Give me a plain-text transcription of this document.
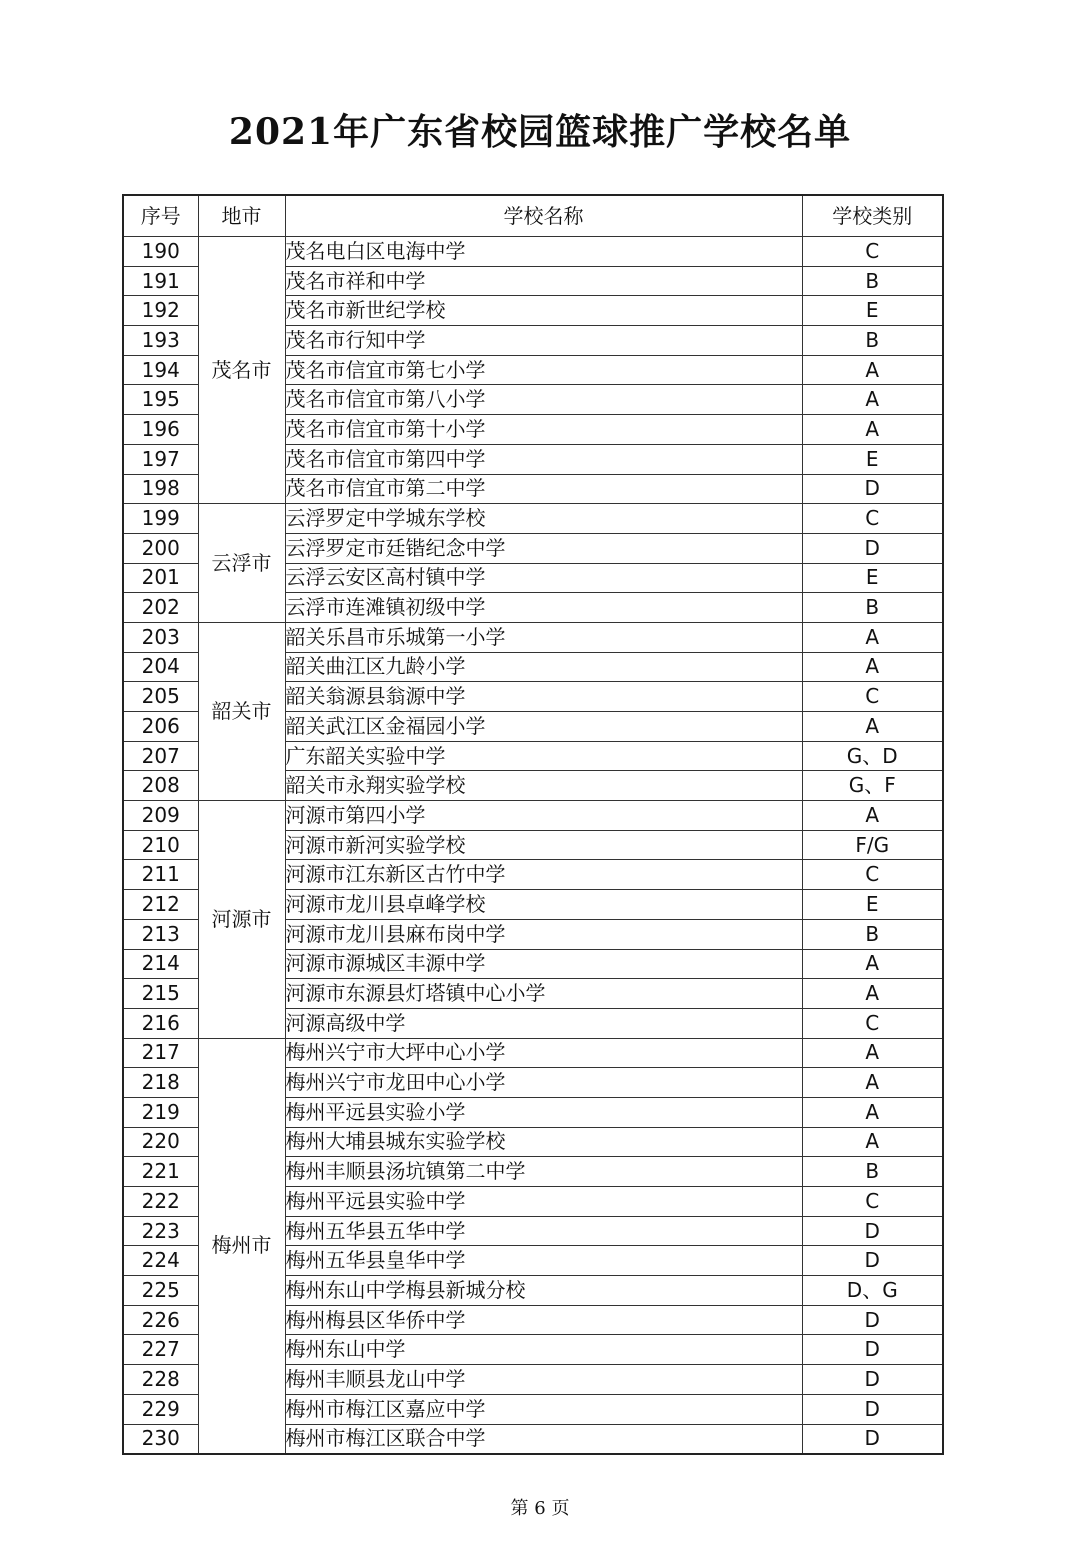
2021年广东省校园篮球推广学校名单
序号	地市	学校名称	学校类别
190	茂名市	茂名电白区电海中学	C
191		茂名市祥和中学	B
192		茂名市新世纪学校	E
193		茂名市行知中学	B
194		茂名市信宜市第七小学	A
195		茂名市信宜市第八小学	A
196		茂名市信宜市第十小学	A
197		茂名市信宜市第四中学	E
198		茂名市信宜市第二中学	D
199	云浮市	云浮罗定中学城东学校	C
200		云浮罗定市廷锴纪念中学	D
201		云浮云安区高村镇中学	E
202		云浮市连滩镇初级中学	B
203	韶关市	韶关乐昌市乐城第一小学	A
204		韶关曲江区九龄小学	A
205		韶关翁源县翁源中学	C
206		韶关武江区金福园小学	A
207		广东韶关实验中学	G、D
208		韶关市永翔实验学校	G、F
209	河源市	河源市第四小学	A
210		河源市新河实验学校	F/G
211		河源市江东新区古竹中学	C
212		河源市龙川县卓峰学校	E
213		河源市龙川县麻布岗中学	B
214		河源市源城区丰源中学	A
215		河源市东源县灯塔镇中心小学	A
216		河源高级中学	C
217	梅州市	梅州兴宁市大坪中心小学	A
218		梅州兴宁市龙田中心小学	A
219		梅州平远县实验小学	A
220		梅州大埔县城东实验学校	A
221		梅州丰顺县汤坑镇第二中学	B
222		梅州平远县实验中学	C
223		梅州五华县五华中学	D
224		梅州五华县皇华中学	D
225		梅州东山中学梅县新城分校	D、G
226		梅州梅县区华侨中学	D
227		梅州东山中学	D
228		梅州丰顺县龙山中学	D
229		梅州市梅江区嘉应中学	D
230		梅州市梅江区联合中学	D
第 6 页
